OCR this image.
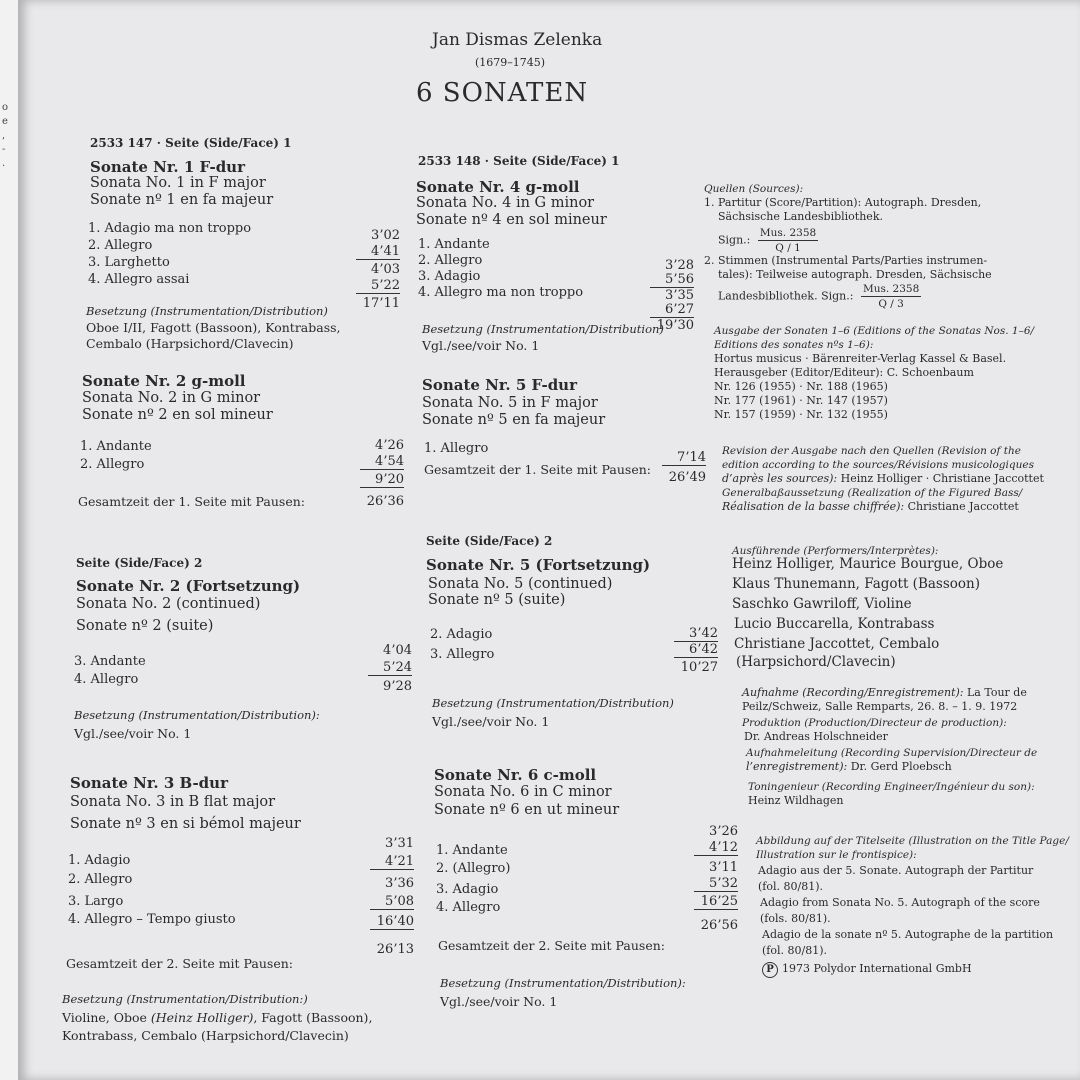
o
e
,
-
.
Jan Dismas Zelenka
(1679–1745)
6 SONATEN
2533 147 · Seite (Side/Face) 1
Sonate Nr. 1 F-dur
Sonata No. 1 in F major
Sonate nº 1 en fa majeur
1. Adagio ma non troppo
2. Allegro
3. Larghetto
4. Allegro assai
3’02
4’41
4’03
5’22
17’11
Besetzung (Instrumentation/Distribution)
Oboe I/II, Fagott (Bassoon), Kontrabass,
Cembalo (Harpsichord/Clavecin)
Sonate Nr. 2 g-moll
Sonata No. 2 in G minor
Sonate nº 2 en sol mineur
1. Andante
2. Allegro
4’26
4’54
9’20
Gesamtzeit der 1. Seite mit Pausen:	26’36
Seite (Side/Face) 2
Sonate Nr. 2 (Fortsetzung)
Sonata No. 2 (continued)
Sonate nº 2 (suite)
3. Andante
4. Allegro
4’04
5’24
9’28
Besetzung (Instrumentation/Distribution):
Vgl./see/voir No. 1
Sonate Nr. 3 B-dur
Sonata No. 3 in B flat major
Sonate nº 3 en si bémol majeur
1. Adagio
2. Allegro
3. Largo
4. Allegro – Tempo giusto
3’31
4’21
3’36
5’08
16’40
Gesamtzeit der 2. Seite mit Pausen:
26’13
Besetzung (Instrumentation/Distribution:)
Violine, Oboe (Heinz Holliger), Fagott (Bassoon),
Kontrabass, Cembalo (Harpsichord/Clavecin)
2533 148 · Seite (Side/Face) 1
Sonate Nr. 4 g-moll
Sonata No. 4 in G minor
Sonate nº 4 en sol mineur
1. Andante
2. Allegro
3. Adagio
4. Allegro ma non troppo
3’28
5’56
3’35
6’27
19’30
Besetzung (Instrumentation/Distribution)
Vgl./see/voir No. 1
Sonate Nr. 5 F-dur
Sonata No. 5 in F major
Sonate nº 5 en fa majeur
1. Allegro
7’14
Gesamtzeit der 1. Seite mit Pausen:
26’49
Seite (Side/Face) 2
Sonate Nr. 5 (Fortsetzung)
Sonata No. 5 (continued)
Sonate nº 5 (suite)
2. Adagio
3. Allegro
3’42
6’42
10’27
Besetzung (Instrumentation/Distribution)
Vgl./see/voir No. 1
Sonate Nr. 6 c-moll
Sonata No. 6 in C minor
Sonate nº 6 en ut mineur
1. Andante
2. (Allegro)
3. Adagio
4. Allegro
3’26
4’12
3’11
5’32
16’25
Gesamtzeit der 2. Seite mit Pausen:
26’56
Besetzung (Instrumentation/Distribution):
Vgl./see/voir No. 1
Quellen (Sources):
1. Partitur (Score/Partition): Autograph. Dresden,
Sächsische Landesbibliothek.
Sign.: $\frac{\text{Mus. 2358}}{Q / 1}$
2. Stimmen (Instrumental Parts/Parties instrumen-
tales): Teilweise autograph. Dresden, Sächsische
Landesbibliothek. Sign.: $\frac{\text{Mus. 2358}}{Q / 3}$
Ausgabe der Sonaten 1–6 (Editions of the Sonatas Nos. 1–6/
Editions des sonates nºs 1–6):
Hortus musicus · Bärenreiter-Verlag Kassel & Basel.
Herausgeber (Editor/Editeur): C. Schoenbaum
Nr. 126 (1955) · Nr. 188 (1965)
Nr. 177 (1961) · Nr. 147 (1957)
Nr. 157 (1959) · Nr. 132 (1955)
Revision der Ausgabe nach den Quellen (Revision of the
edition according to the sources/Révisions musicologiques
d’après les sources): Heinz Holliger · Christiane Jaccottet
Generalbaßaussetzung (Realization of the Figured Bass/
Réalisation de la basse chiffrée): Christiane Jaccottet
Ausführende (Performers/Interprètes):
Heinz Holliger, Maurice Bourgue, Oboe
Klaus Thunemann, Fagott (Bassoon)
Saschko Gawriloff, Violine
Lucio Buccarella, Kontrabass
Christiane Jaccottet, Cembalo
(Harpsichord/Clavecin)
Aufnahme (Recording/Enregistrement): La Tour de
Peilz/Schweiz, Salle Remparts, 26. 8. – 1. 9. 1972
Produktion (Production/Directeur de production):
Dr. Andreas Holschneider
Aufnahmeleitung (Recording Supervision/Directeur de
l’enregistrement): Dr. Gerd Ploebsch
Toningenieur (Recording Engineer/Ingénieur du son):
Heinz Wildhagen
Abbildung auf der Titelseite (Illustration on the Title Page/
Illustration sur le frontispice):
Adagio aus der 5. Sonate. Autograph der Partitur
(fol. 80/81).
Adagio from Sonata No. 5. Autograph of the score
(fols. 80/81).
Adagio de la sonate nº 5. Autographe de la partition
(fol. 80/81).
P 1973 Polydor International GmbH
